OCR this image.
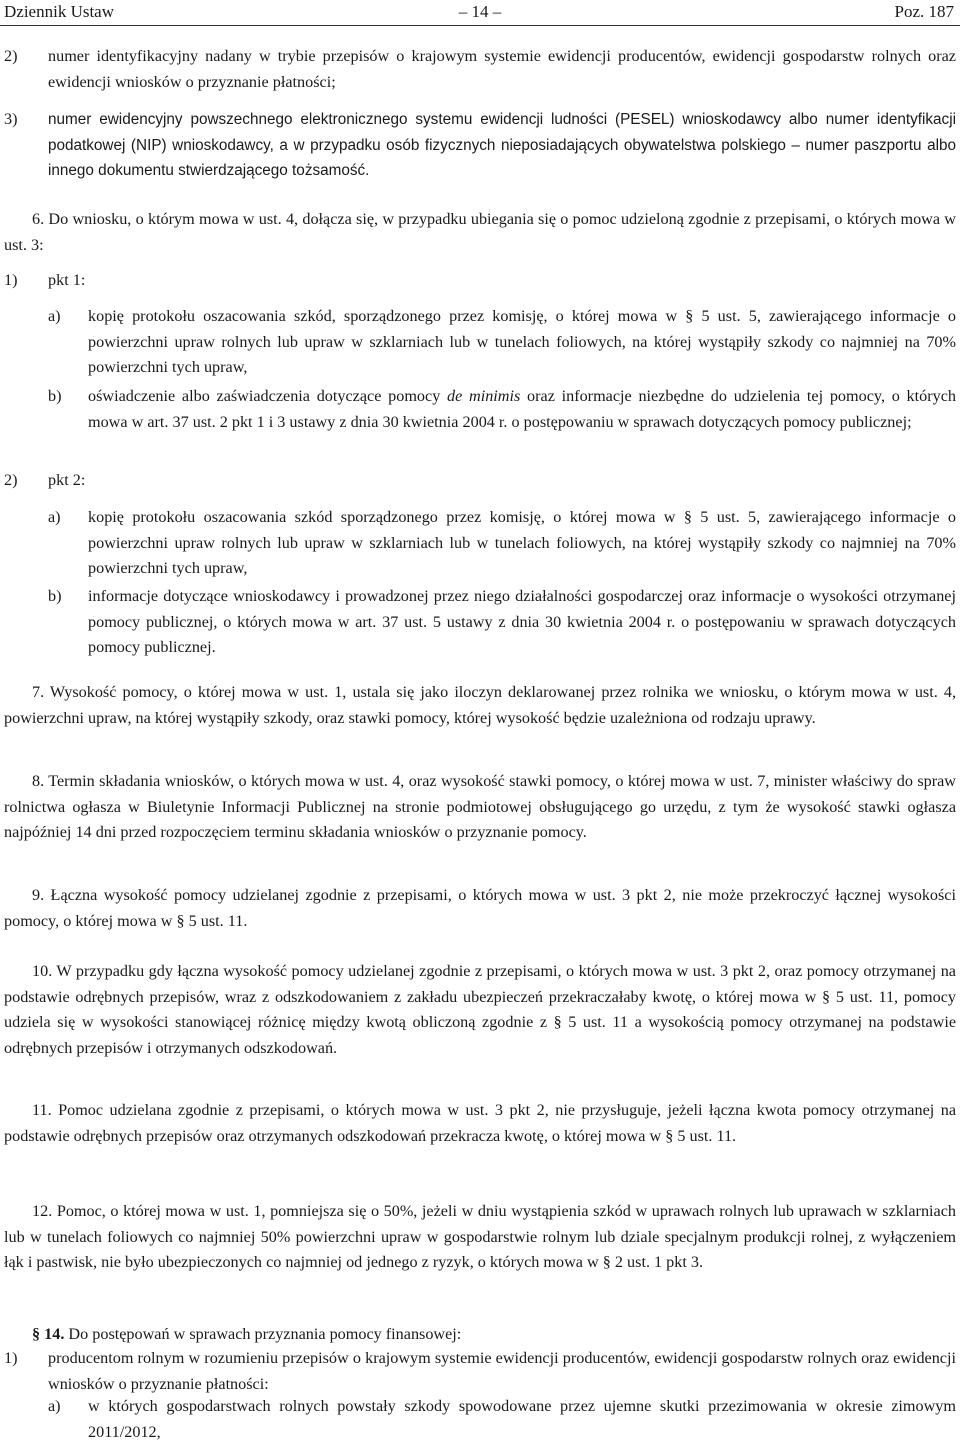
Dziennik Ustaw	– 14 –	Poz. 187
2) numer identyfikacyjny nadany w trybie przepisów o krajowym systemie ewidencji producentów, ewidencji gospodarstw rolnych oraz ewidencji wniosków o przyznanie płatności;
3) numer ewidencyjny powszechnego elektronicznego systemu ewidencji ludności (PESEL) wnioskodawcy albo numer identyfikacji podatkowej (NIP) wnioskodawcy, a w przypadku osób fizycznych nieposiadających obywatelstwa polskiego – numer paszportu albo innego dokumentu stwierdzającego tożsamość.
6. Do wniosku, o którym mowa w ust. 4, dołącza się, w przypadku ubiegania się o pomoc udzieloną zgodnie z przepisami, o których mowa w ust. 3:
1) pkt 1:
a) kopię protokołu oszacowania szkód, sporządzonego przez komisję, o której mowa w § 5 ust. 5, zawierającego informacje o powierzchni upraw rolnych lub upraw w szklarniach lub w tunelach foliowych, na której wystąpiły szkody co najmniej na 70% powierzchni tych upraw,
b) oświadczenie albo zaświadczenia dotyczące pomocy de minimis oraz informacje niezbędne do udzielenia tej pomocy, o których mowa w art. 37 ust. 2 pkt 1 i 3 ustawy z dnia 30 kwietnia 2004 r. o postępowaniu w sprawach dotyczących pomocy publicznej;
2) pkt 2:
a) kopię protokołu oszacowania szkód sporządzonego przez komisję, o której mowa w § 5 ust. 5, zawierającego informacje o powierzchni upraw rolnych lub upraw w szklarniach lub w tunelach foliowych, na której wystąpiły szkody co najmniej na 70% powierzchni tych upraw,
b) informacje dotyczące wnioskodawcy i prowadzonej przez niego działalności gospodarczej oraz informacje o wysokości otrzymanej pomocy publicznej, o których mowa w art. 37 ust. 5 ustawy z dnia 30 kwietnia 2004 r. o postępowaniu w sprawach dotyczących pomocy publicznej.
7. Wysokość pomocy, o której mowa w ust. 1, ustala się jako iloczyn deklarowanej przez rolnika we wniosku, o którym mowa w ust. 4, powierzchni upraw, na której wystąpiły szkody, oraz stawki pomocy, której wysokość będzie uzależniona od rodzaju uprawy.
8. Termin składania wniosków, o których mowa w ust. 4, oraz wysokość stawki pomocy, o której mowa w ust. 7, minister właściwy do spraw rolnictwa ogłasza w Biuletynie Informacji Publicznej na stronie podmiotowej obsługującego go urzędu, z tym że wysokość stawki ogłasza najpóźniej 14 dni przed rozpoczęciem terminu składania wniosków o przyznanie pomocy.
9. Łączna wysokość pomocy udzielanej zgodnie z przepisami, o których mowa w ust. 3 pkt 2, nie może przekroczyć łącznej wysokości pomocy, o której mowa w § 5 ust. 11.
10. W przypadku gdy łączna wysokość pomocy udzielanej zgodnie z przepisami, o których mowa w ust. 3 pkt 2, oraz pomocy otrzymanej na podstawie odrębnych przepisów, wraz z odszkodowaniem z zakładu ubezpieczeń przekraczałaby kwotę, o której mowa w § 5 ust. 11, pomocy udziela się w wysokości stanowiącej różnicę między kwotą obliczoną zgodnie z § 5 ust. 11 a wysokością pomocy otrzymanej na podstawie odrębnych przepisów i otrzymanych odszkodowań.
11. Pomoc udzielana zgodnie z przepisami, o których mowa w ust. 3 pkt 2, nie przysługuje, jeżeli łączna kwota pomocy otrzymanej na podstawie odrębnych przepisów oraz otrzymanych odszkodowań przekracza kwotę, o której mowa w § 5 ust. 11.
12. Pomoc, o której mowa w ust. 1, pomniejsza się o 50%, jeżeli w dniu wystąpienia szkód w uprawach rolnych lub uprawach w szklarniach lub w tunelach foliowych co najmniej 50% powierzchni upraw w gospodarstwie rolnym lub dziale specjalnym produkcji rolnej, z wyłączeniem łąk i pastwisk, nie było ubezpieczonych co najmniej od jednego z ryzyk, o których mowa w § 2 ust. 1 pkt 3.
§ 14. Do postępowań w sprawach przyznania pomocy finansowej:
1) producentom rolnym w rozumieniu przepisów o krajowym systemie ewidencji producentów, ewidencji gospodarstw rolnych oraz ewidencji wniosków o przyznanie płatności:
a) w których gospodarstwach rolnych powstały szkody spowodowane przez ujemne skutki przezimowania w okresie zimowym 2011/2012,
